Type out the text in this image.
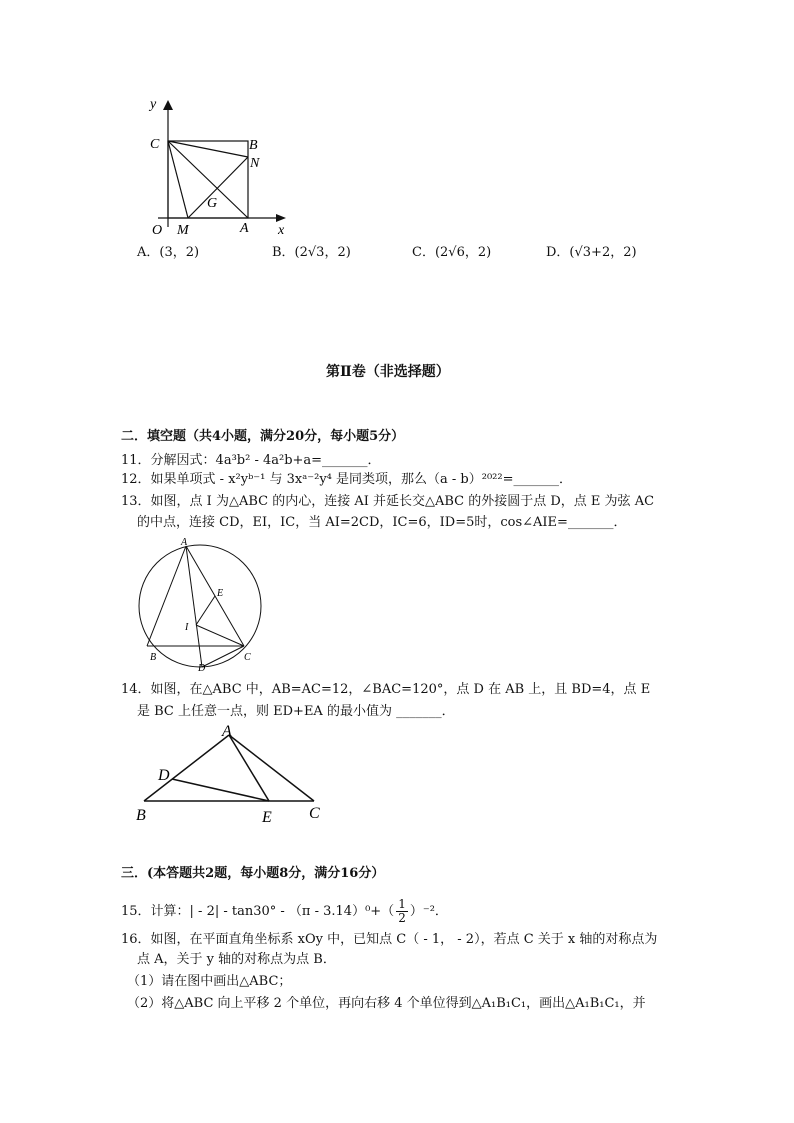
y
x
O
C	B
N
G
M	A
A．(3，2)	B．(2√3，2)	C．(2√6，2)	D．(√3+2，2)
第Ⅱ卷（非选择题）
二．填空题（共4小题，满分20分，每小题5分）
11．分解因式：4a³b² - 4a²b+a=_______．
12．如果单项式 - x²yᵇ⁻¹ 与 3xᵃ⁻²y⁴ 是同类项，那么（a - b）²⁰²²=_______．
13．如图，点 I 为△ABC 的内心，连接 AI 并延长交△ABC 的外接圆于点 D，点 E 为弦 AC
的中点，连接 CD，EI，IC，当 AI=2CD，IC=6，ID=5时，cos∠AIE=_______．
A
E
I
B	C
D
14．如图，在△ABC 中，AB=AC=12，∠BAC=120°，点 D 在 AB 上，且 BD=4，点 E
是 BC 上任意一点，则 ED+EA 的最小值为 _______．
A
D
B	E C
三．(本答题共2题，每小题8分，满分16分）
15．计算：| - $2| - \tan 30^\circ - (\pi - 3.14)^0+( \frac{1}{2} )^{-2}$．
16．如图，在平面直角坐标系 xOy 中，已知点 C（ - 1， - 2），若点 C 关于 x 轴的对称点为
点 A，关于 y 轴的对称点为点 B．
（1）请在图中画出△ABC；
（2）将△ABC 向上平移 2 个单位，再向右移 4 个单位得到△A₁B₁C₁，画出△A₁B₁C₁，并
